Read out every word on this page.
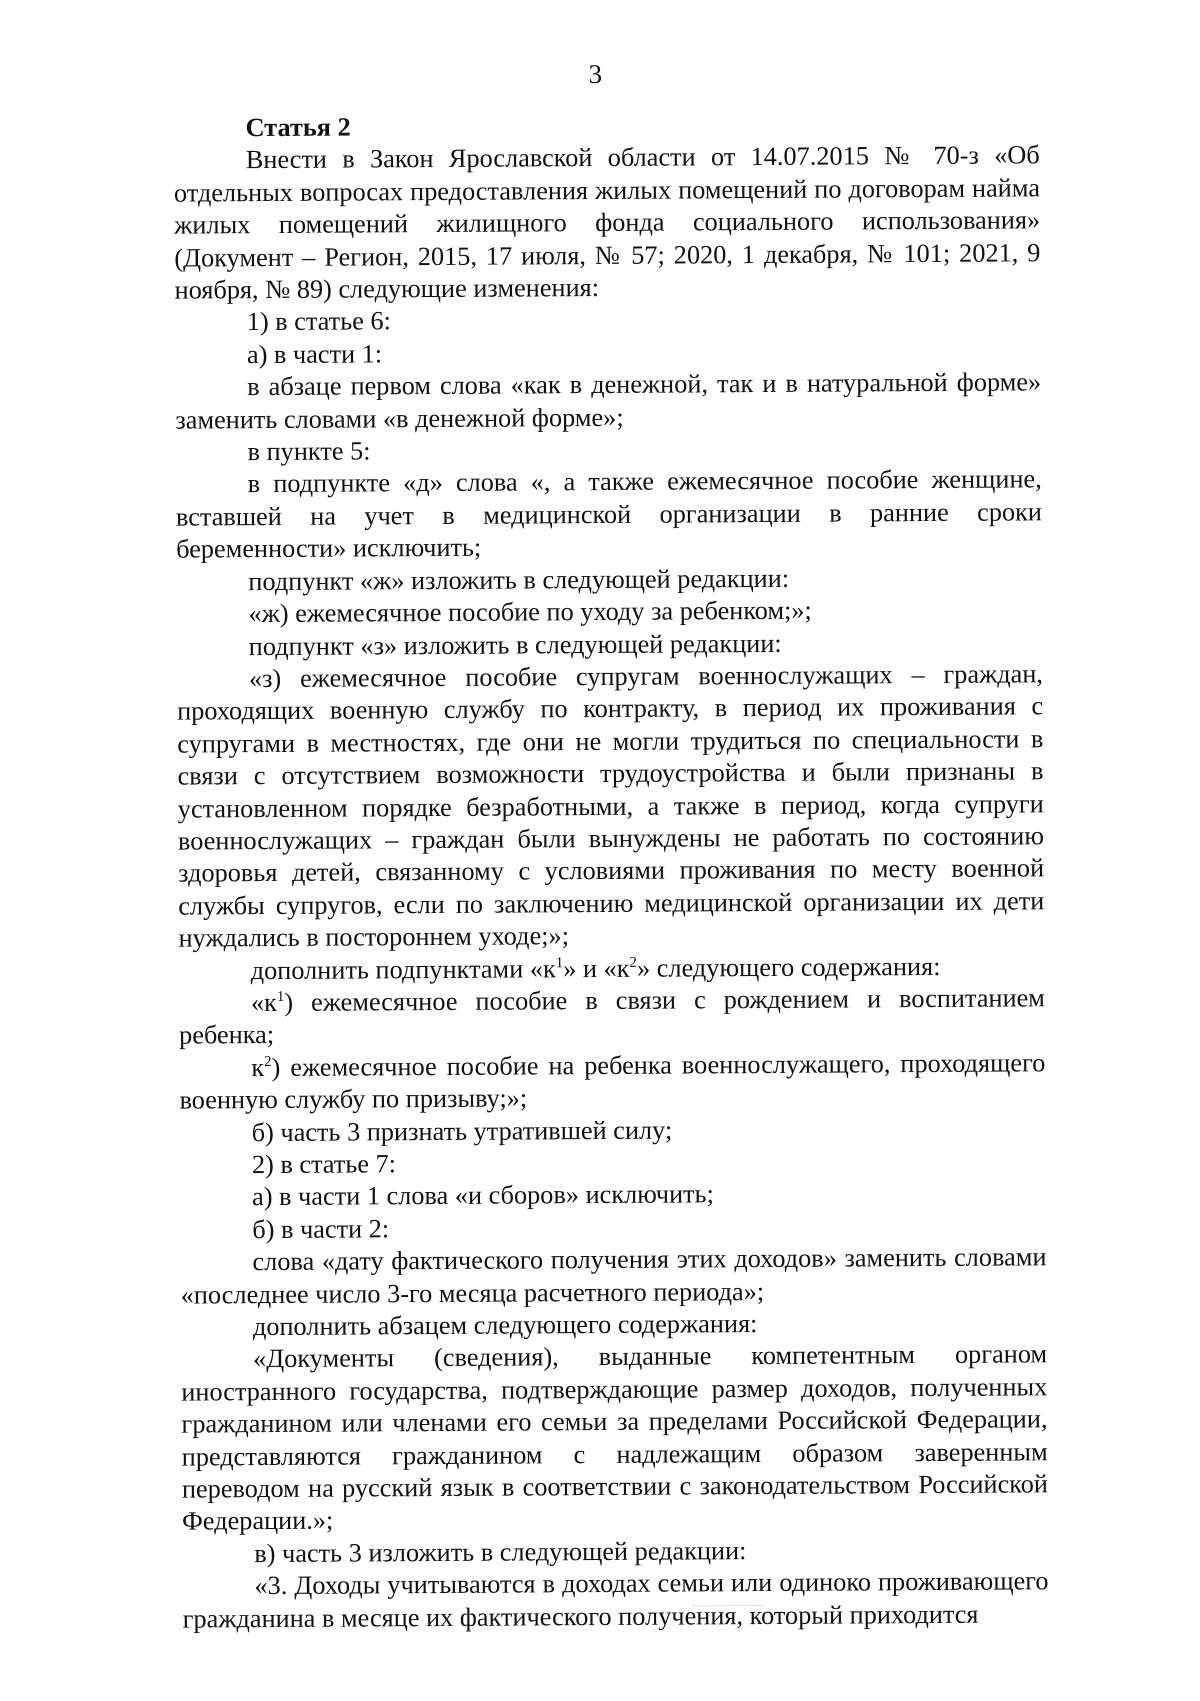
3

Статья 2

Внести в Закон Ярославской области от 14.07.2015 № 70-з «Об отдельных вопросах предоставления жилых помещений по договорам найма жилых помещений жилищного фонда социального использования» (Документ – Регион, 2015, 17 июля, № 57; 2020, 1 декабря, № 101; 2021, 9 ноября, № 89) следующие изменения:

1) в статье 6:

а) в части 1:

в абзаце первом слова «как в денежной, так и в натуральной форме» заменить словами «в денежной форме»;

в пункте 5:

в подпункте «д» слова «, а также ежемесячное пособие женщине, вставшей на учет в медицинской организации в ранние сроки беременности» исключить;

подпункт «ж» изложить в следующей редакции:

«ж) ежемесячное пособие по уходу за ребенком;»;

подпункт «з» изложить в следующей редакции:

«з) ежемесячное пособие супругам военнослужащих – граждан, проходящих военную службу по контракту, в период их проживания с супругами в местностях, где они не могли трудиться по специальности в связи с отсутствием возможности трудоустройства и были признаны в установленном порядке безработными, а также в период, когда супруги военнослужащих – граждан были вынуждены не работать по состоянию здоровья детей, связанному с условиями проживания по месту военной службы супругов, если по заключению медицинской организации их дети нуждались в постороннем уходе;»;

дополнить подпунктами «$к^1$» и «$к^2$» следующего содержания:

«$к^1$) ежемесячное пособие в связи с рождением и воспитанием ребенка;

$к^2$) ежемесячное пособие на ребенка военнослужащего, проходящего военную службу по призыву;»;

б) часть 3 признать утратившей силу;

2) в статье 7:

а) в части 1 слова «и сборов» исключить;

б) в части 2:

слова «дату фактического получения этих доходов» заменить словами «последнее число 3-го месяца расчетного периода»;

дополнить абзацем следующего содержания:

«Документы (сведения), выданные компетентным органом иностранного государства, подтверждающие размер доходов, полученных гражданином или членами его семьи за пределами Российской Федерации, представляются гражданином с надлежащим образом заверенным переводом на русский язык в соответствии с законодательством Российской Федерации.»;

в) часть 3 изложить в следующей редакции:

«3. Доходы учитываются в доходах семьи или одиноко проживающего гражданина в месяце их фактического получения, который приходится
